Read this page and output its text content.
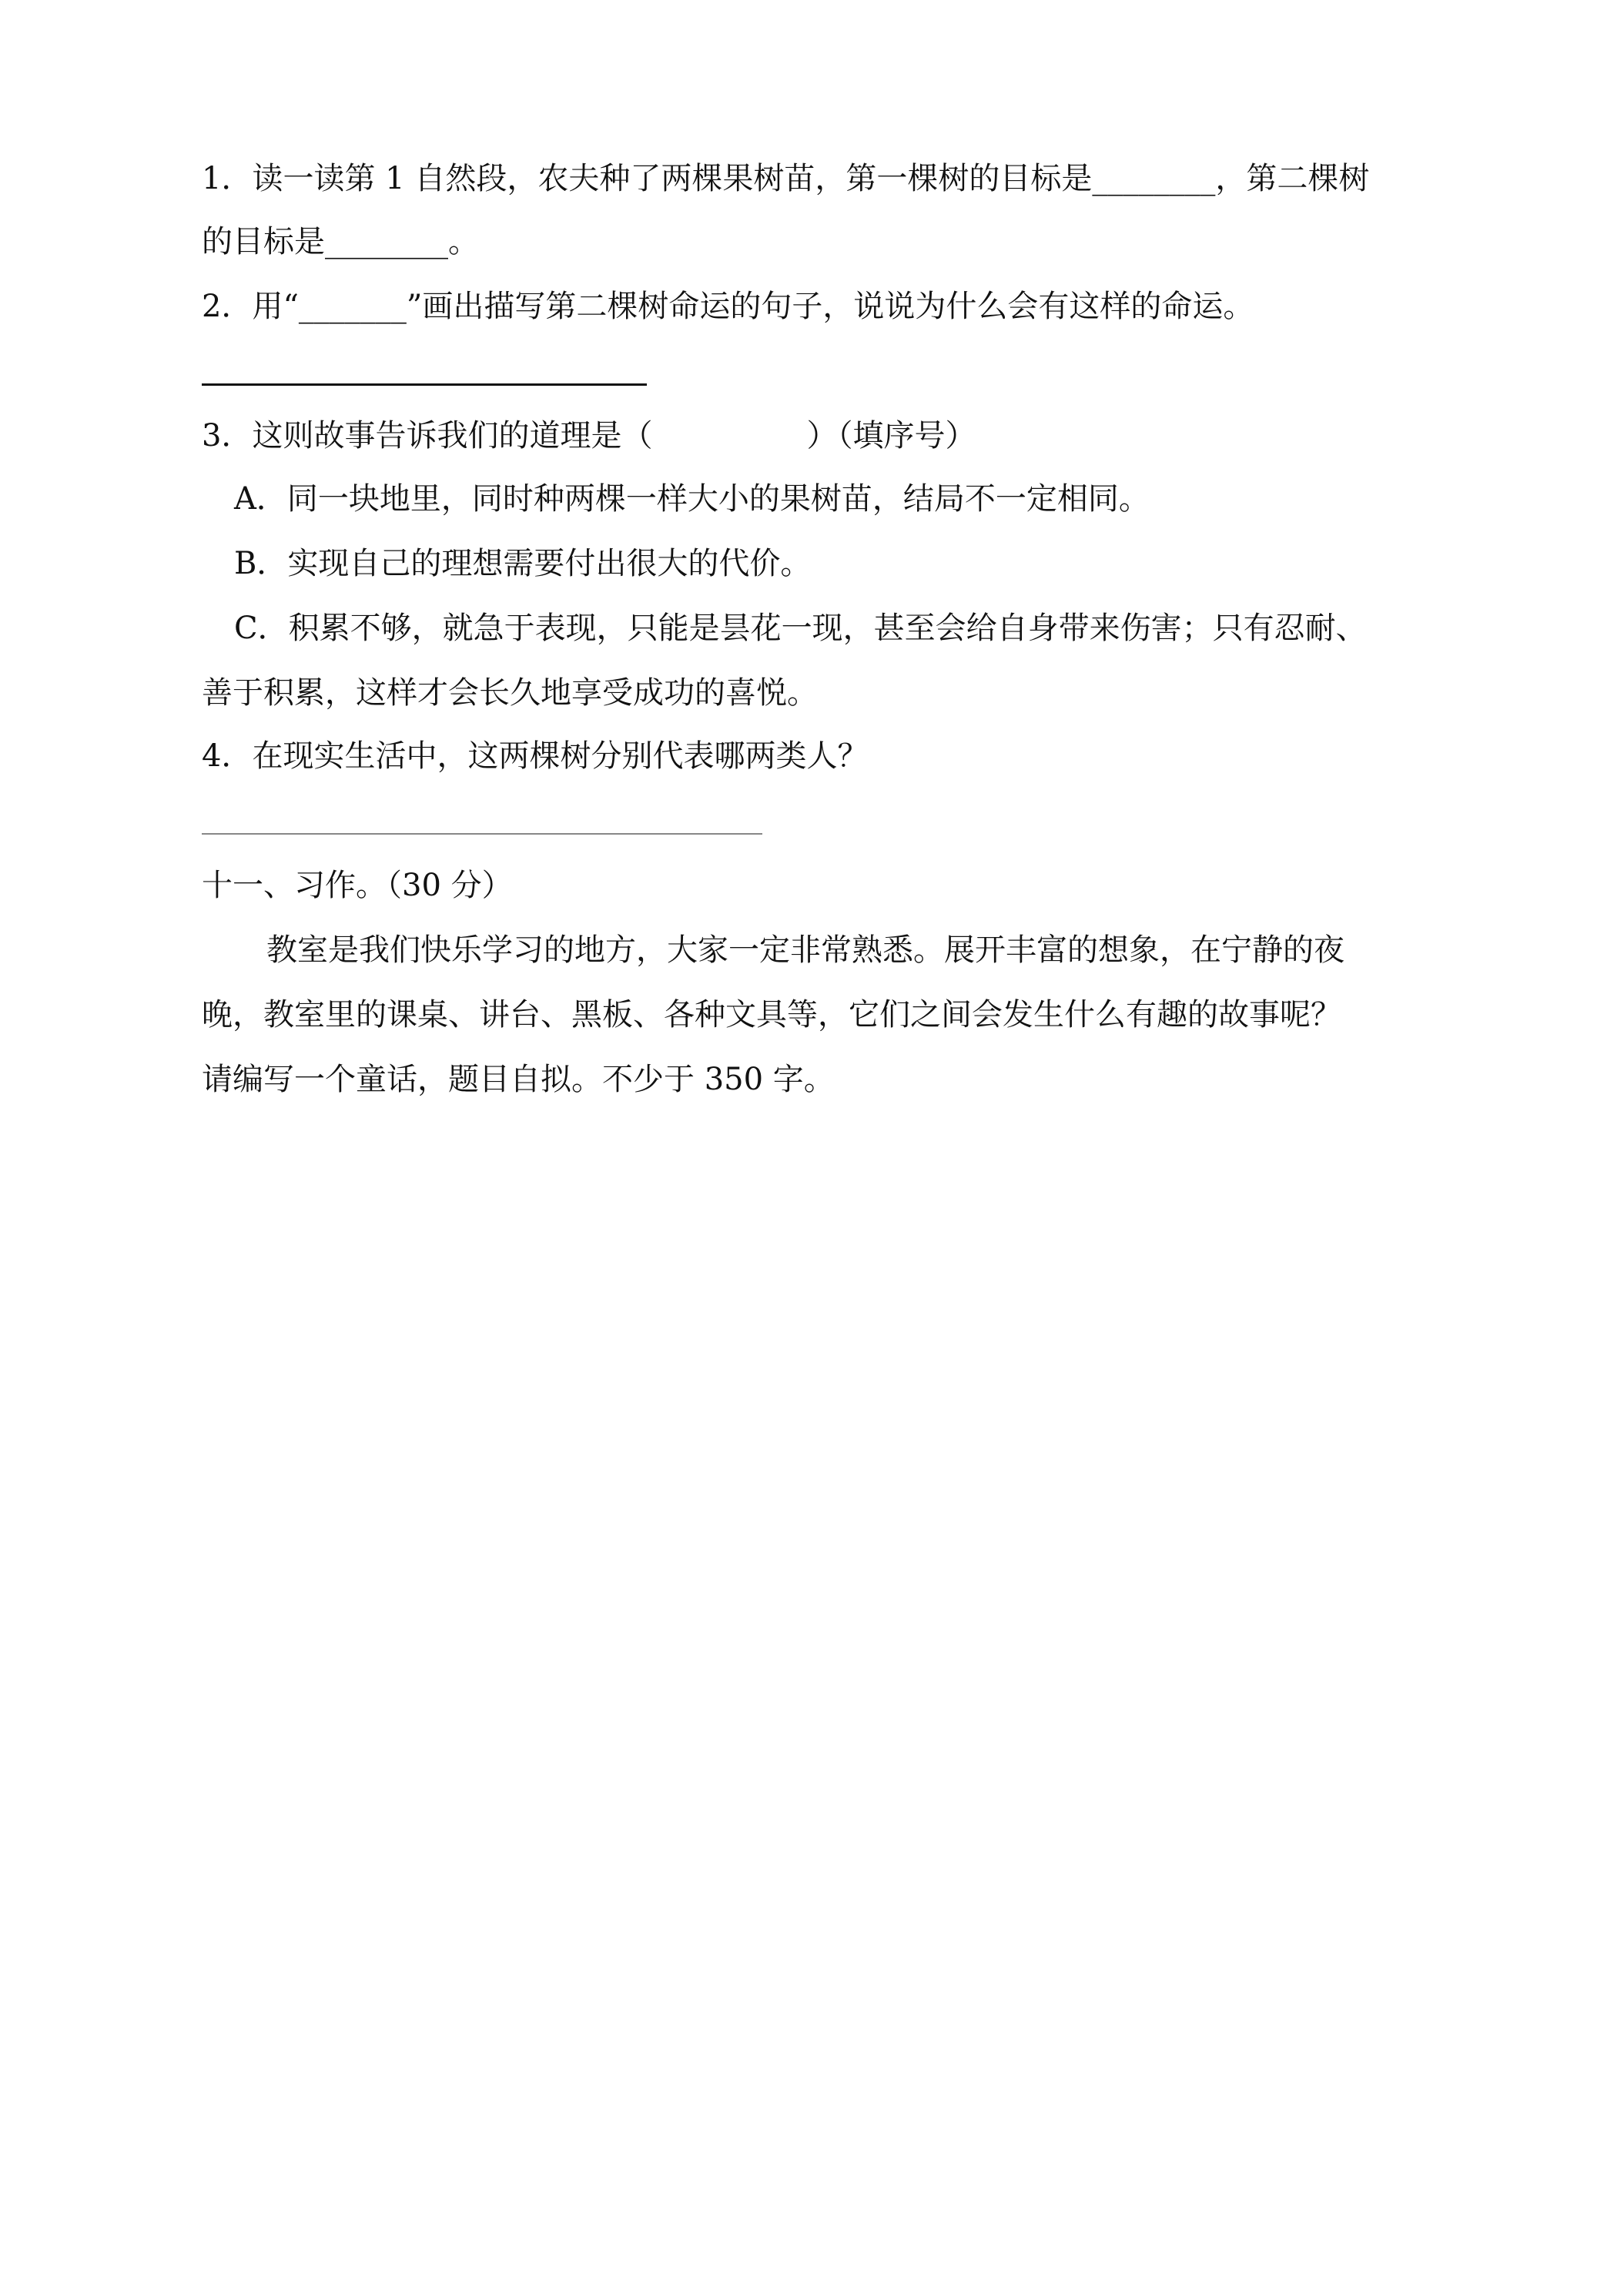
1．读一读第 1 自然段，农夫种了两棵果树苗，第一棵树的目标是________，第二棵树
的目标是________。
2．用“_______”画出描写第二棵树命运的句子，说说为什么会有这样的命运。
3．这则故事告诉我们的道理是（　　　　　）（填序号）
A．同一块地里，同时种两棵一样大小的果树苗，结局不一定相同。
B．实现自己的理想需要付出很大的代价。
C．积累不够，就急于表现，只能是昙花一现，甚至会给自身带来伤害；只有忍耐、
善于积累，这样才会长久地享受成功的喜悦。
4．在现实生活中，这两棵树分别代表哪两类人？
十一、习作。（30 分）
教室是我们快乐学习的地方，大家一定非常熟悉。展开丰富的想象，在宁静的夜
晚，教室里的课桌、讲台、黑板、各种文具等，它们之间会发生什么有趣的故事呢？
请编写一个童话，题目自拟。不少于 350 字。
